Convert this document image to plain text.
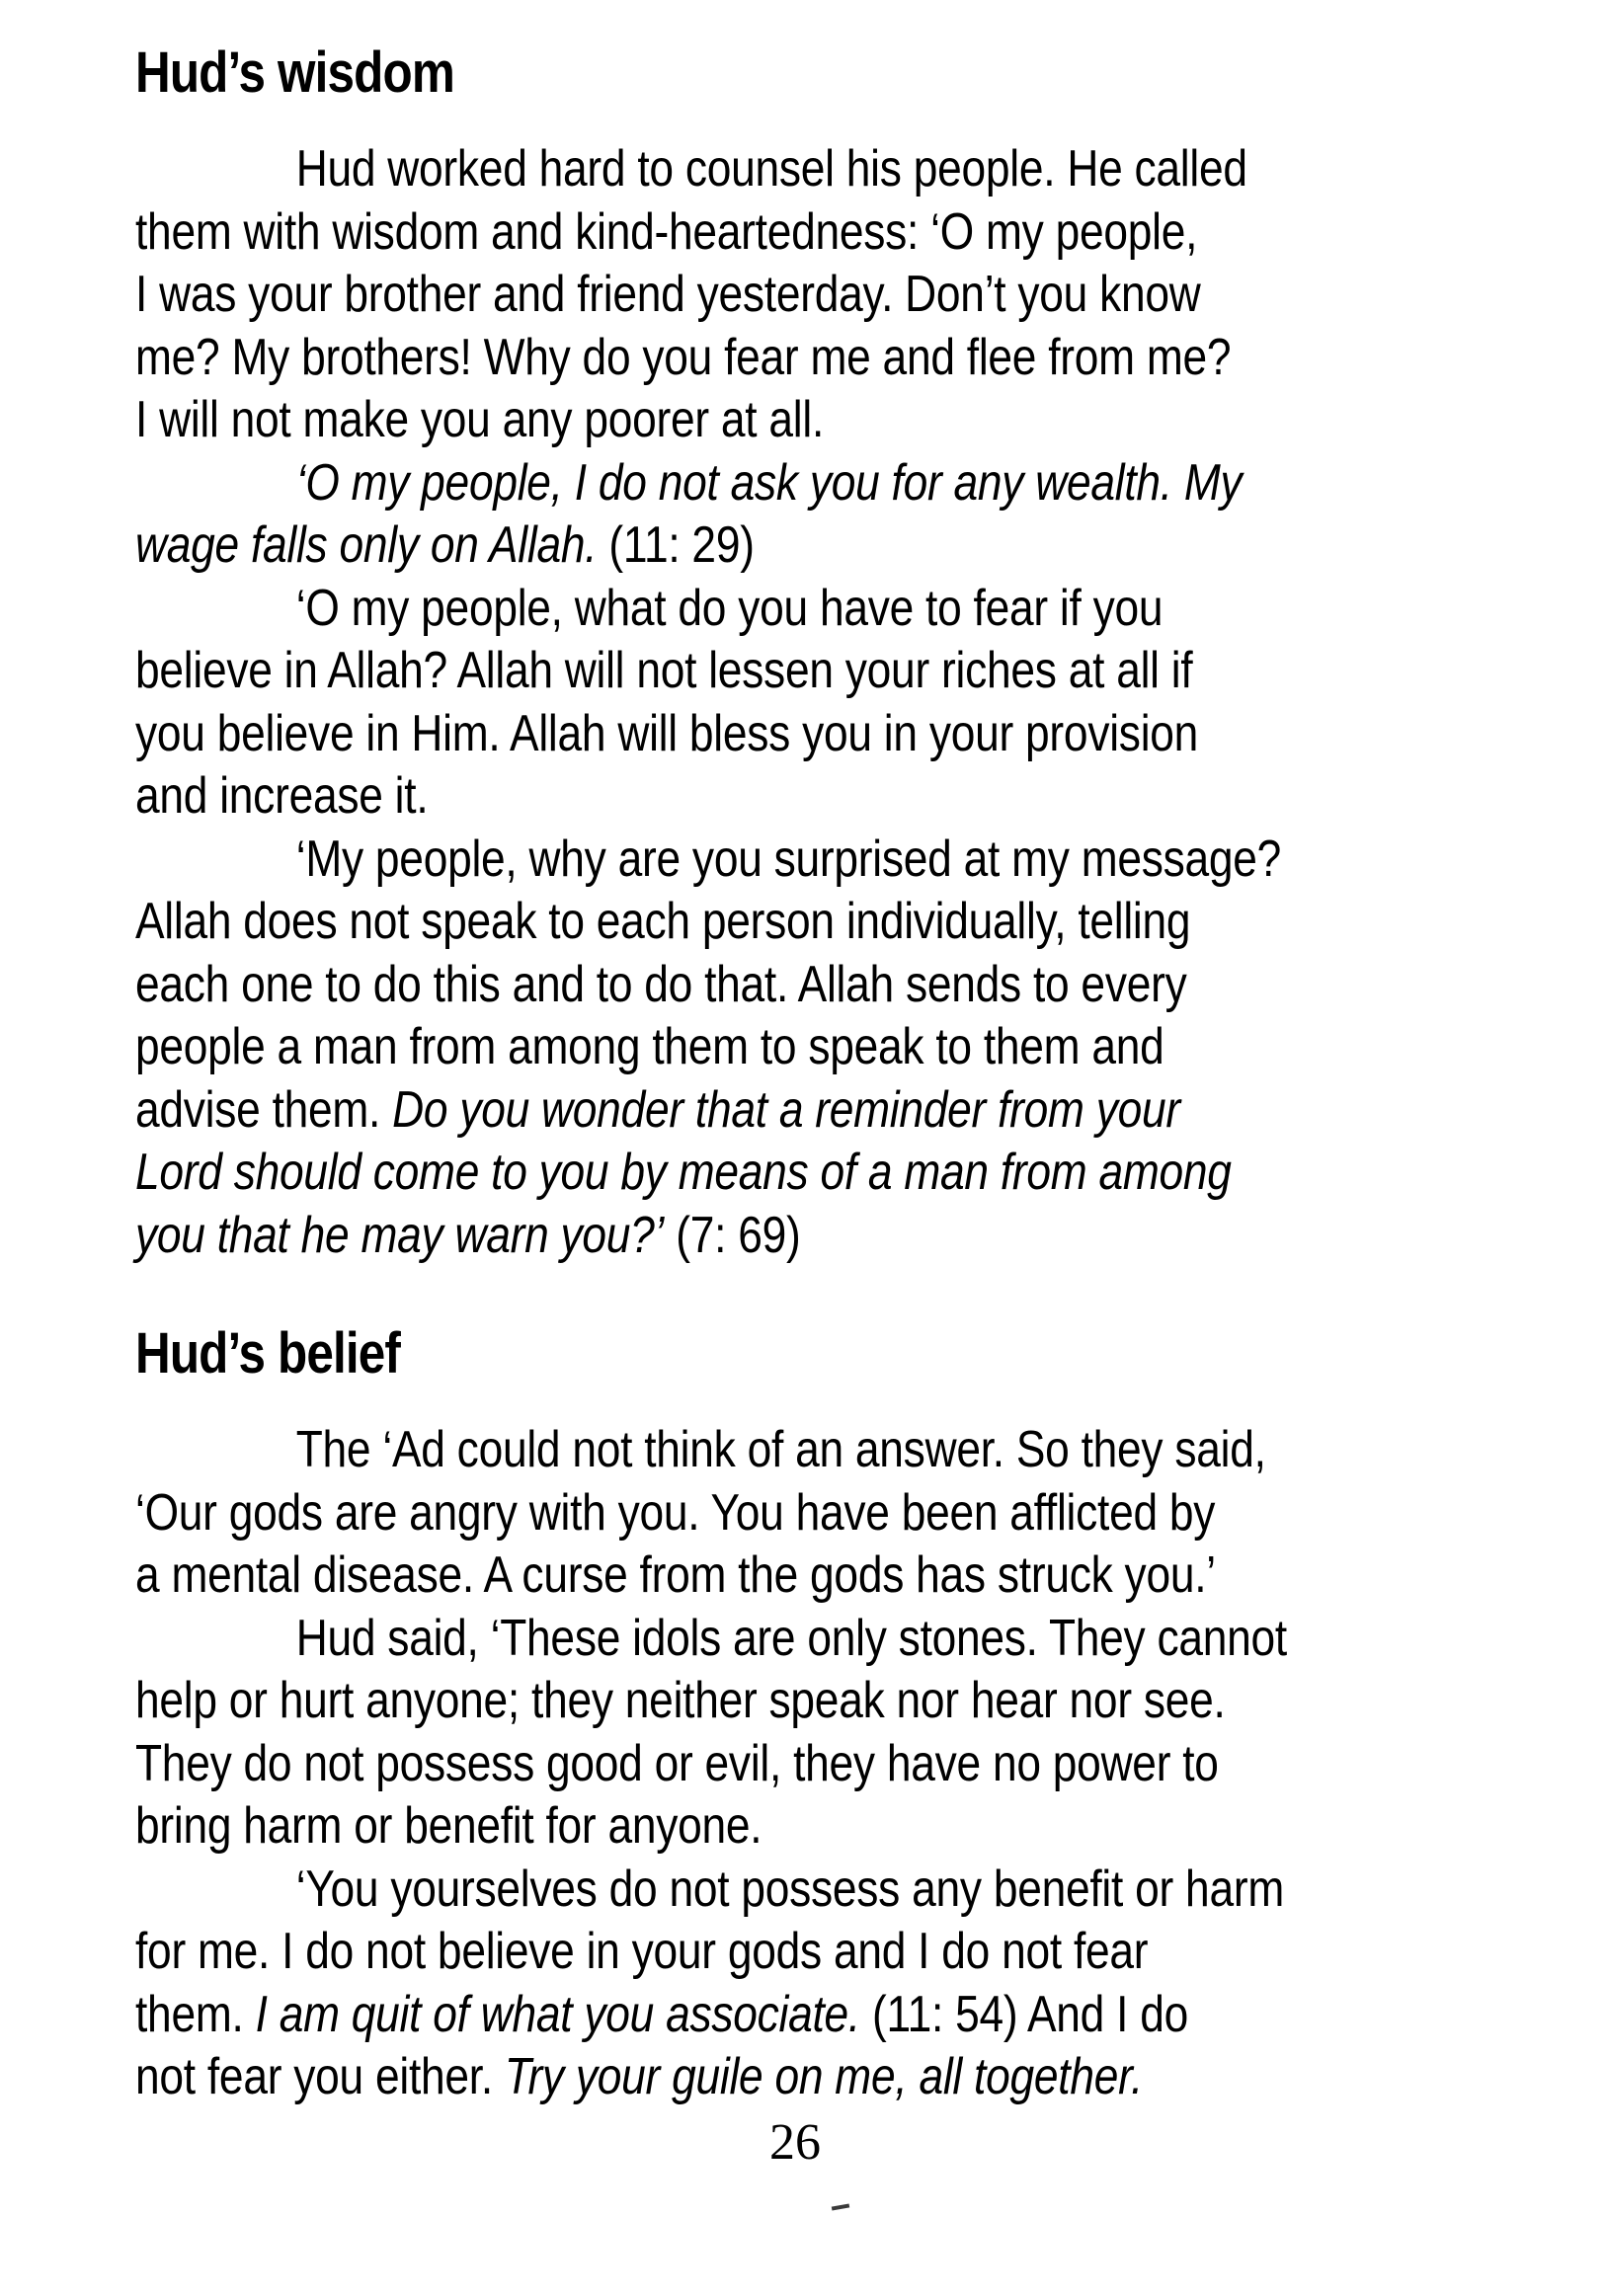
Hud’s wisdom

Hud worked hard to counsel his people. He called them with wisdom and kind-heartedness: ‘O my people, I was your brother and friend yesterday. Don’t you know me? My brothers! Why do you fear me and flee from me? I will not make you any poorer at all.

‘O my people, I do not ask you for any wealth. My wage falls only on Allah. (11: 29)

‘O my people, what do you have to fear if you believe in Allah? Allah will not lessen your riches at all if you believe in Him. Allah will bless you in your provision and increase it.

‘My people, why are you surprised at my message? Allah does not speak to each person individually, telling each one to do this and to do that. Allah sends to every people a man from among them to speak to them and advise them. Do you wonder that a reminder from your Lord should come to you by means of a man from among you that he may warn you?’ (7: 69)

Hud’s belief

The ‘Ad could not think of an answer. So they said, ‘Our gods are angry with you. You have been afflicted by a mental disease. A curse from the gods has struck you.’

Hud said, ‘These idols are only stones. They cannot help or hurt anyone; they neither speak nor hear nor see. They do not possess good or evil, they have no power to bring harm or benefit for anyone.

‘You yourselves do not possess any benefit or harm for me. I do not believe in your gods and I do not fear them. I am quit of what you associate. (11: 54) And I do not fear you either. Try your guile on me, all together.

26
